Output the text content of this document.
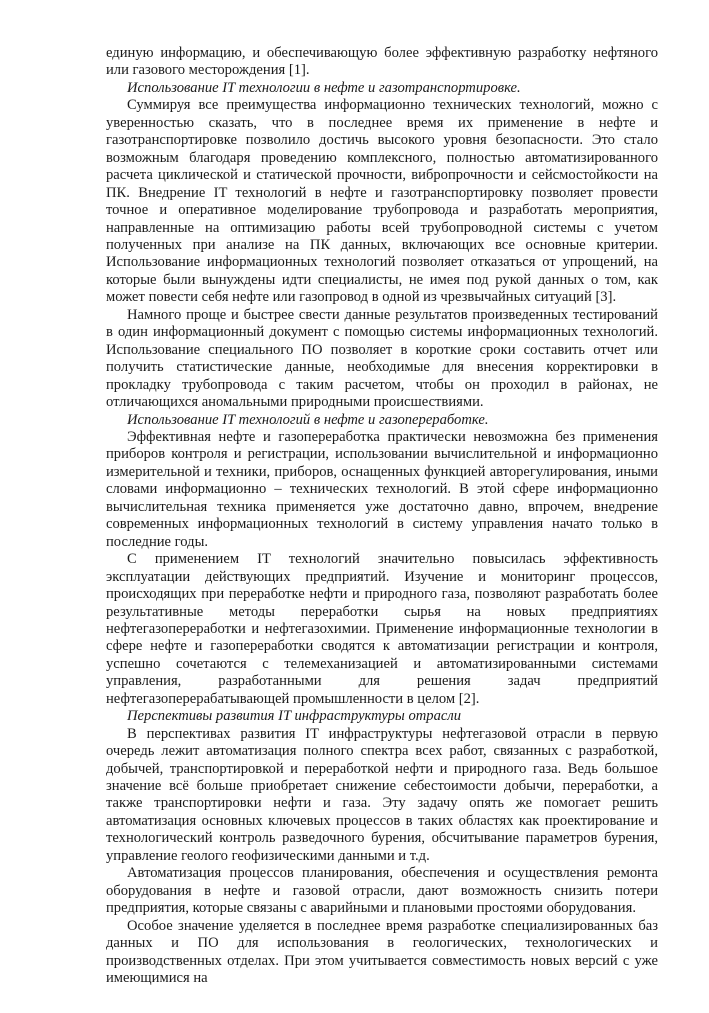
единую информацию, и обеспечивающую более эффективную разработку нефтяного или газового месторождения [1].

Использование IT технологии в нефте и газотранспортировке.

Суммируя все преимущества информационно технических технологий, можно с уверенностью сказать, что в последнее время их применение в нефте и газотранспортировке позволило достичь высокого уровня безопасности. Это стало возможным благодаря проведению комплексного, полностью автоматизированного расчета циклической и статической прочности, вибропрочности и сейсмостойкости на ПК. Внедрение IT технологий в нефте и газотранспортировку позволяет провести точное и оперативное моделирование трубопровода и разработать мероприятия, направленные на оптимизацию работы всей трубопроводной системы с учетом полученных при анализе на ПК данных, включающих все основные критерии. Использование информационных технологий позволяет отказаться от упрощений, на которые были вынуждены идти специалисты, не имея под рукой данных о том, как может повести себя нефте или газопровод в одной из чрезвычайных ситуаций [3].

Намного проще и быстрее свести данные результатов произведенных тестирований в один информационный документ с помощью системы информационных технологий. Использование специального ПО позволяет в короткие сроки составить отчет или получить статистические данные, необходимые для внесения корректировки в прокладку трубопровода с таким расчетом, чтобы он проходил в районах, не отличающихся аномальными природными происшествиями.

Использование IT технологий в нефте и газопереработке.

Эффективная нефте и газопереработка практически невозможна без применения приборов контроля и регистрации, использовании вычислительной и информационно измерительной и техники, приборов, оснащенных функцией авторегулирования, иными словами информационно – технических технологий. В этой сфере информационно вычислительная техника применяется уже достаточно давно, впрочем, внедрение современных информационных технологий в систему управления начато только в последние годы.

С применением IT технологий значительно повысилась эффективность эксплуатации действующих предприятий. Изучение и мониторинг процессов, происходящих при переработке нефти и природного газа, позволяют разработать более результативные методы переработки сырья на новых предприятиях нефтегазопереработки и нефтегазохимии. Применение информационные технологии в сфере нефте и газопереработки сводятся к автоматизации регистрации и контроля, успешно сочетаются с телемеханизацией и автоматизированными системами управления, разработанными для решения задач предприятий нефтегазоперерабатывающей промышленности в целом [2].

Перспективы развития IT инфраструктуры отрасли

В перспективах развития IT инфраструктуры нефтегазовой отрасли в первую очередь лежит автоматизация полного спектра всех работ, связанных с разработкой, добычей, транспортировкой и переработкой нефти и природного газа. Ведь большое значение всё больше приобретает снижение себестоимости добычи, переработки, а также транспортировки нефти и газа. Эту задачу опять же помогает решить автоматизация основных ключевых процессов в таких областях как проектирование и технологический контроль разведочного бурения, обсчитывание параметров бурения, управление геолого геофизическими данными и т.д.

Автоматизация процессов планирования, обеспечения и осуществления ремонта оборудования в нефте и газовой отрасли, дают возможность снизить потери предприятия, которые связаны с аварийными и плановыми простоями оборудования.

Особое значение уделяется в последнее время разработке специализированных баз данных и ПО для использования в геологических, технологических и производственных отделах. При этом учитывается совместимость новых версий с уже имеющимися на
